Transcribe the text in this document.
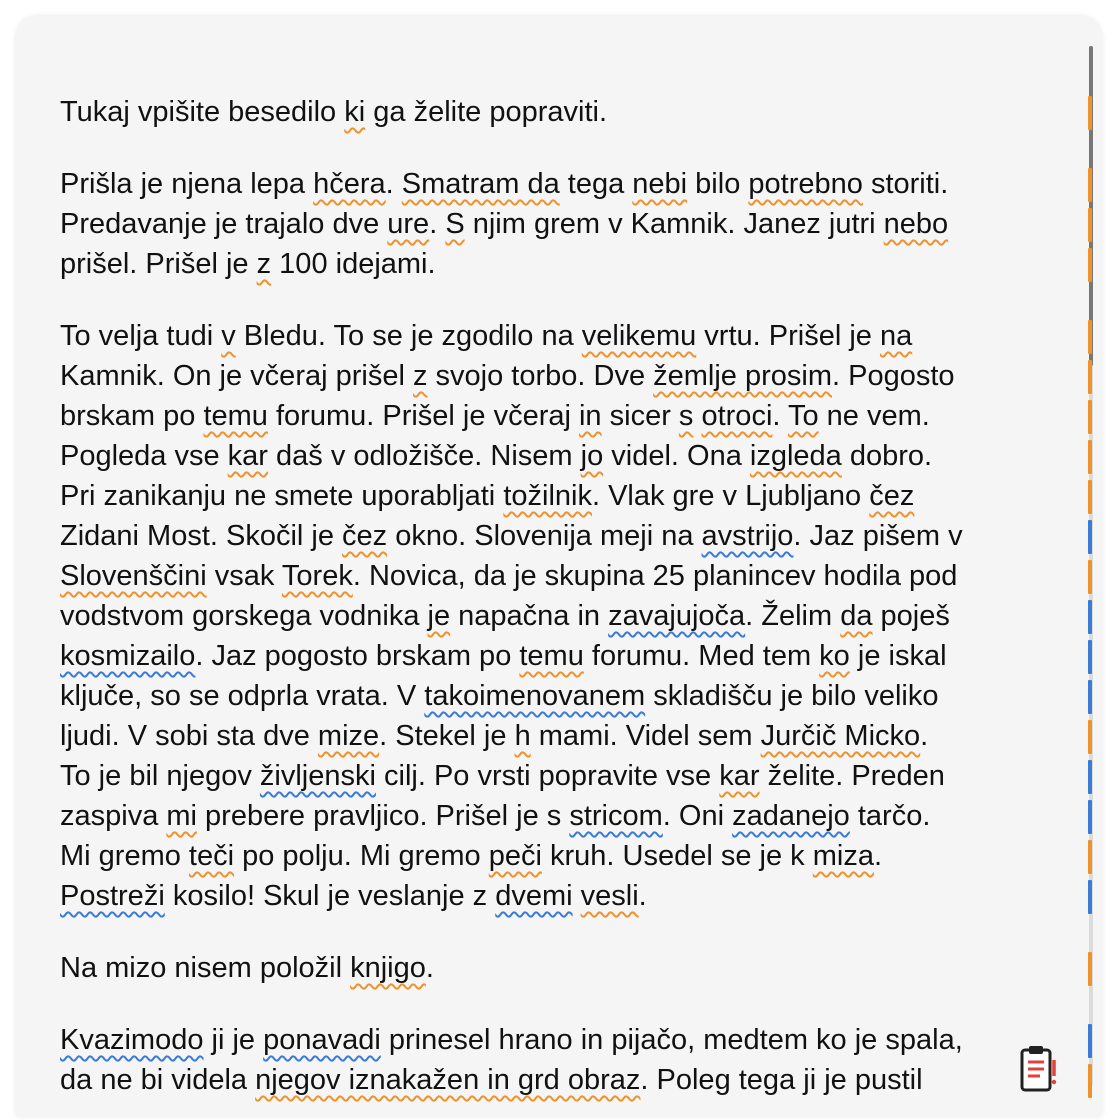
Tukaj vpišite besedilo ki ga želite popraviti.

Prišla je njena lepa hčera. Smatram da tega nebi bilo potrebno storiti.
Predavanje je trajalo dve ure. S njim grem v Kamnik. Janez jutri nebo
prišel. Prišel je z 100 idejami.

To velja tudi v Bledu. To se je zgodilo na velikemu vrtu. Prišel je na
Kamnik. On je včeraj prišel z svojo torbo. Dve žemlje prosim. Pogosto
brskam po temu forumu. Prišel je včeraj in sicer s otroci. To ne vem.
Pogleda vse kar daš v odložišče. Nisem jo videl. Ona izgleda dobro.
Pri zanikanju ne smete uporabljati tožilnik. Vlak gre v Ljubljano čez
Zidani Most. Skočil je čez okno. Slovenija meji na avstrijo. Jaz pišem v
Slovenščini vsak Torek. Novica, da je skupina 25 planincev hodila pod
vodstvom gorskega vodnika je napačna in zavajujoča. Želim da poješ
kosmizailo. Jaz pogosto brskam po temu forumu. Med tem ko je iskal
ključe, so se odprla vrata. V takoimenovanem skladišču je bilo veliko
ljudi. V sobi sta dve mize. Stekel je h mami. Videl sem Jurčič Micko.
To je bil njegov življenski cilj. Po vrsti popravite vse kar želite. Preden
zaspiva mi prebere pravljico. Prišel je s stricom. Oni zadanejo tarčo.
Mi gremo teči po polju. Mi gremo peči kruh. Usedel se je k miza.
Postreži kosilo! Skul je veslanje z dvemi vesli.

Na mizo nisem položil knjigo.

Kvazimodo ji je ponavadi prinesel hrano in pijačo, medtem ko je spala,
da ne bi videla njegov iznakažen in grd obraz. Poleg tega ji je pustil
